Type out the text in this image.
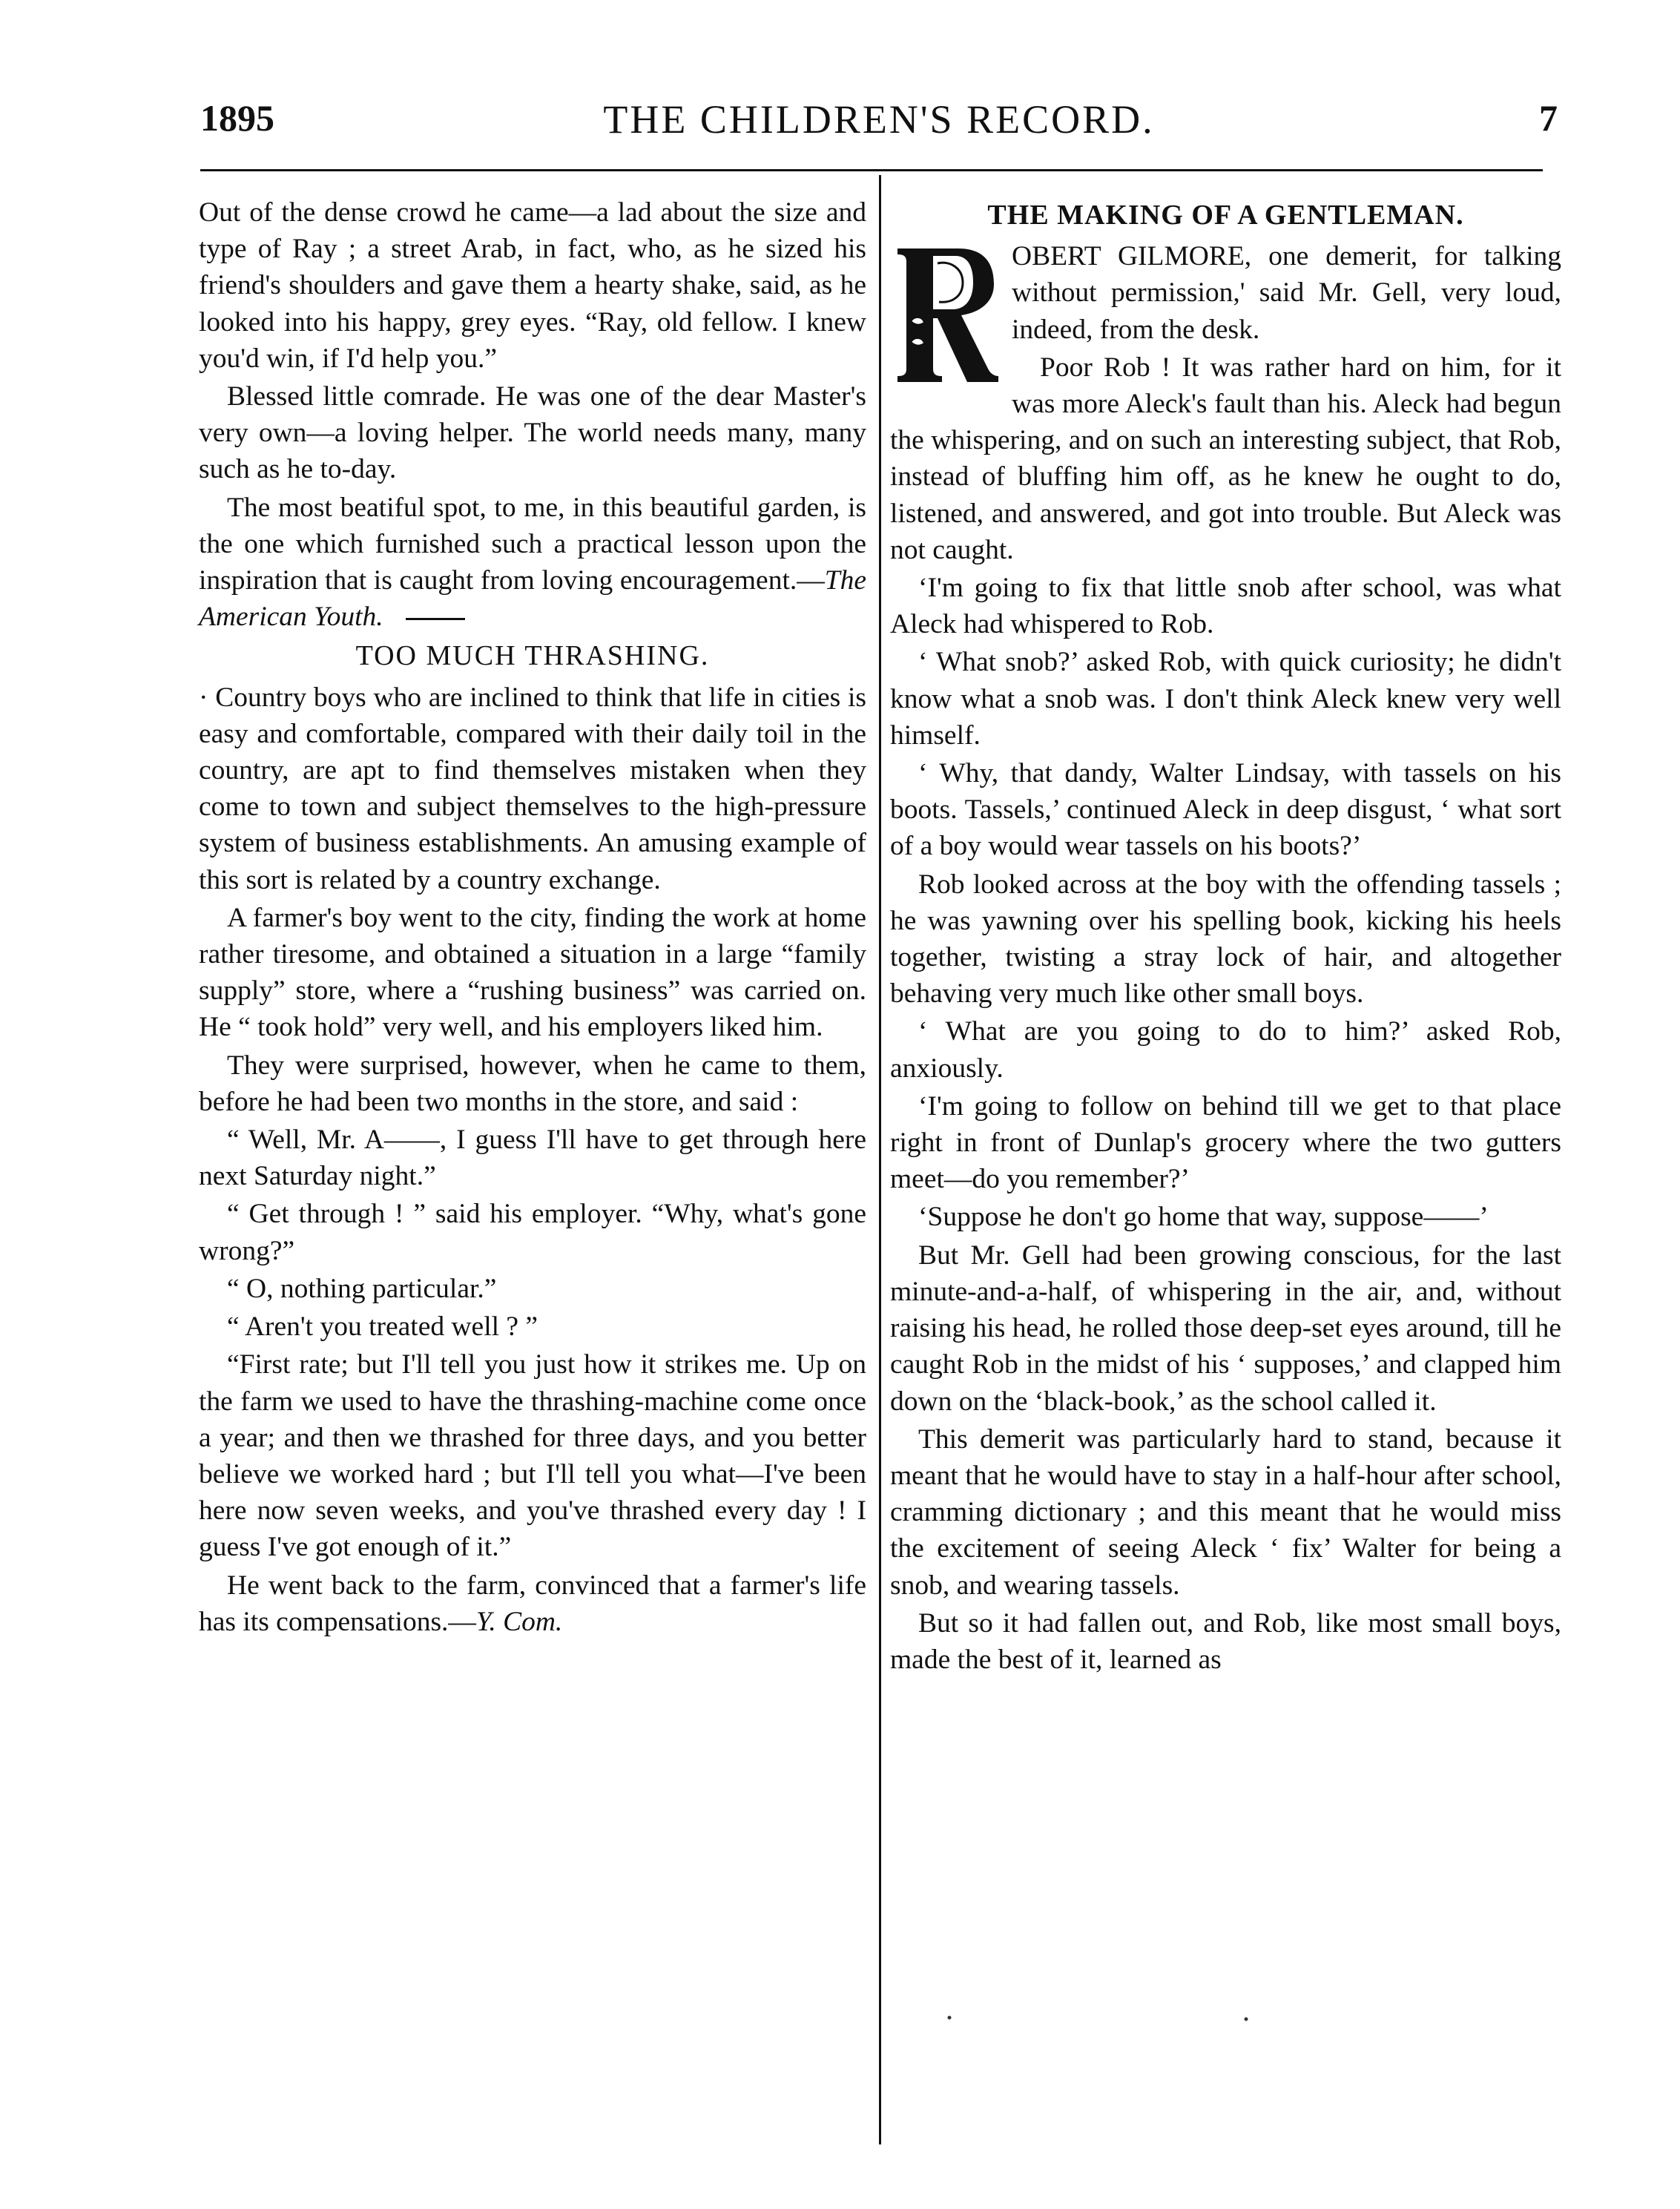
1895	THE CHILDREN'S RECORD.	7

Out of the dense crowd he came—a lad about the size and type of Ray ; a street Arab, in fact, who, as he sized his friend's shoulders and gave them a hearty shake, said, as he looked into his happy, grey eyes. “Ray, old fellow. I knew you'd win, if I'd help you.”

Blessed little comrade. He was one of the dear Master's very own—a loving helper. The world needs many, many such as he to-day.

The most beatiful spot, to me, in this beautiful garden, is the one which furnished such a practical lesson upon the inspiration that is caught from loving encouragement.—The American Youth.

TOO MUCH THRASHING.

· Country boys who are inclined to think that life in cities is easy and comfortable, compared with their daily toil in the country, are apt to find themselves mistaken when they come to town and subject themselves to the high-pressure system of business establishments. An amusing example of this sort is related by a country exchange.

A farmer's boy went to the city, finding the work at home rather tiresome, and obtained a situation in a large “family supply” store, where a “rushing business” was carried on. He “ took hold” very well, and his employers liked him.

They were surprised, however, when he came to them, before he had been two months in the store, and said :

“ Well, Mr. A——, I guess I'll have to get through here next Saturday night.”

“ Get through ! ” said his employer. “Why, what's gone wrong?”

“ O, nothing particular.”

“ Aren't you treated well ? ”

“First rate; but I'll tell you just how it strikes me. Up on the farm we used to have the thrashing-machine come once a year; and then we thrashed for three days, and you better believe we worked hard ; but I'll tell you what—I've been here now seven weeks, and you've thrashed every day ! I guess I've got enough of it.”

He went back to the farm, convinced that a farmer's life has its compensations.—Y. Com.

THE MAKING OF A GENTLEMAN.

OBERT GILMORE, one demerit, for talking without permission,' said Mr. Gell, very loud, indeed, from the desk.

Poor Rob ! It was rather hard on him, for it was more Aleck's fault than his. Aleck had begun the whispering, and on such an interesting subject, that Rob, instead of bluffing him off, as he knew he ought to do, listened, and answered, and got into trouble. But Aleck was not caught.

‘I'm going to fix that little snob after school, was what Aleck had whispered to Rob.

‘ What snob?’ asked Rob, with quick curiosity; he didn't know what a snob was. I don't think Aleck knew very well himself.

‘ Why, that dandy, Walter Lindsay, with tassels on his boots. Tassels,’ continued Aleck in deep disgust, ‘ what sort of a boy would wear tassels on his boots?’

Rob looked across at the boy with the offending tassels ; he was yawning over his spelling book, kicking his heels together, twisting a stray lock of hair, and altogether behaving very much like other small boys.

‘ What are you going to do to him?’ asked Rob, anxiously.

‘I'm going to follow on behind till we get to that place right in front of Dunlap's grocery where the two gutters meet—do you remember?’

‘Suppose he don't go home that way, suppose——’

But Mr. Gell had been growing conscious, for the last minute-and-a-half, of whispering in the air, and, without raising his head, he rolled those deep-set eyes around, till he caught Rob in the midst of his ‘ supposes,’ and clapped him down on the ‘black-book,’ as the school called it.

This demerit was particularly hard to stand, because it meant that he would have to stay in a half-hour after school, cramming dictionary ; and this meant that he would miss the excitement of seeing Aleck ‘ fix’ Walter for being a snob, and wearing tassels.

But so it had fallen out, and Rob, like most small boys, made the best of it, learned as
